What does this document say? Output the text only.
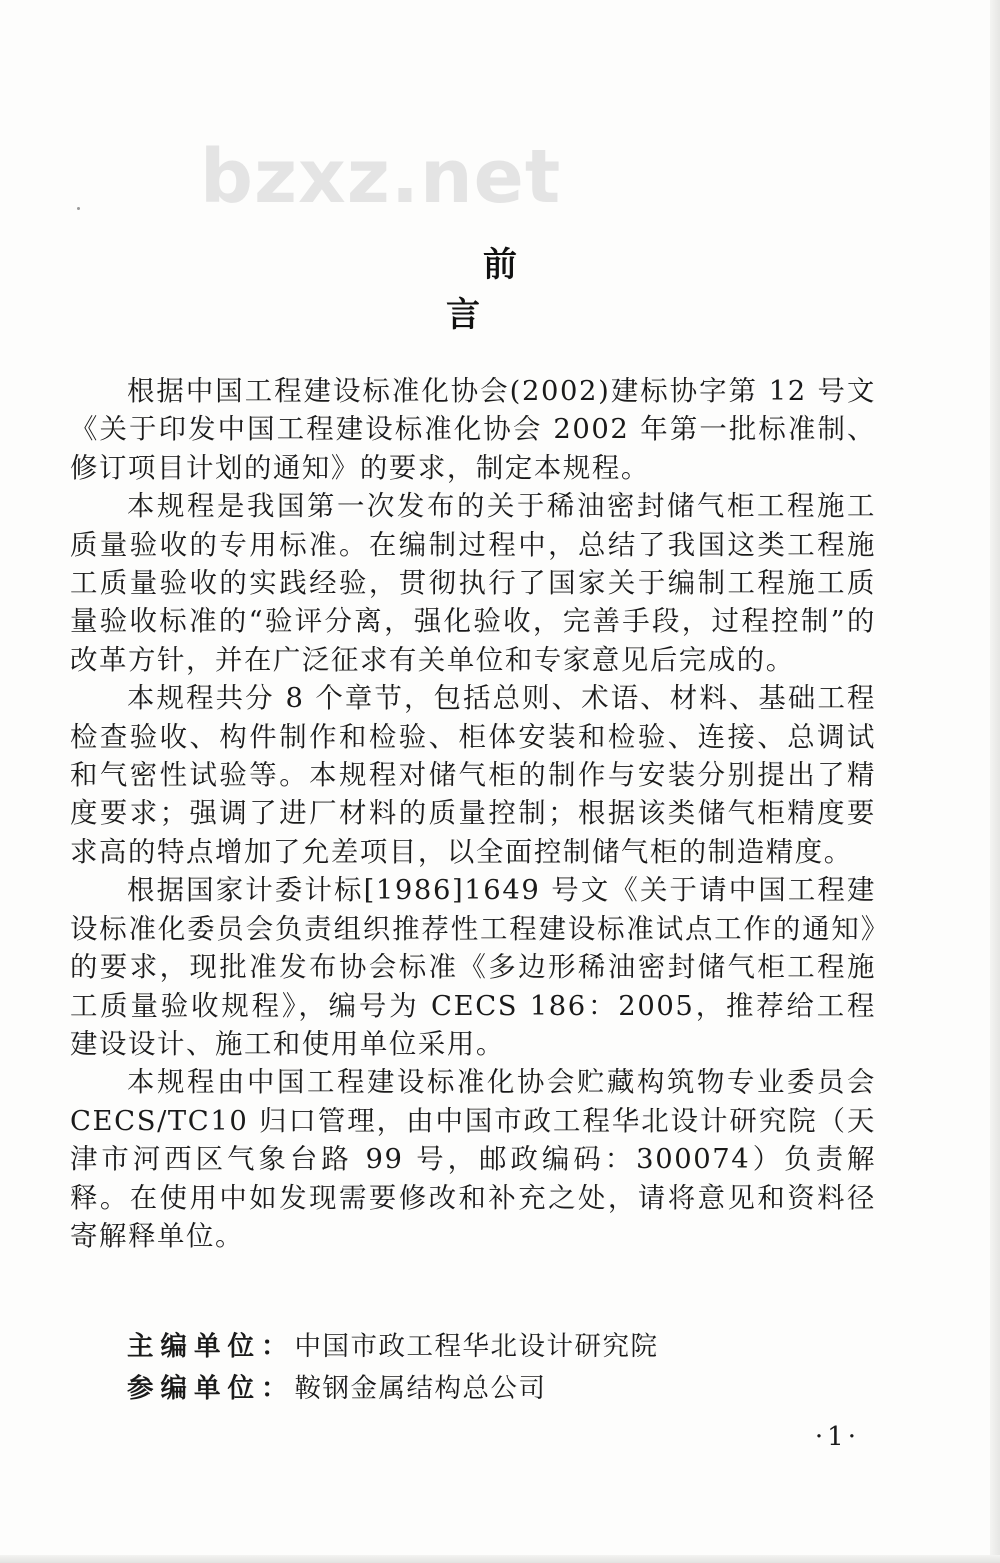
bzxz.net
前言

根据中国工程建设标准化协会(2002)建标协字第 12 号文《关于印发中国工程建设标准化协会 2002 年第一批标准制、修订项目计划的通知》的要求，制定本规程。

本规程是我国第一次发布的关于稀油密封储气柜工程施工质量验收的专用标准。在编制过程中，总结了我国这类工程施工质量验收的实践经验，贯彻执行了国家关于编制工程施工质量验收标准的“验评分离，强化验收，完善手段，过程控制”的改革方针，并在广泛征求有关单位和专家意见后完成的。

本规程共分 8 个章节，包括总则、术语、材料、基础工程检查验收、构件制作和检验、柜体安装和检验、连接、总调试和气密性试验等。本规程对储气柜的制作与安装分别提出了精度要求；强调了进厂材料的质量控制；根据该类储气柜精度要求高的特点增加了允差项目，以全面控制储气柜的制造精度。

根据国家计委计标[1986]1649 号文《关于请中国工程建设标准化委员会负责组织推荐性工程建设标准试点工作的通知》的要求，现批准发布协会标准《多边形稀油密封储气柜工程施工质量验收规程》，编号为 CECS 186：2005，推荐给工程建设设计、施工和使用单位采用。

本规程由中国工程建设标准化协会贮藏构筑物专业委员会 CECS/TC10 归口管理，由中国市政工程华北设计研究院（天津市河西区气象台路 99 号，邮政编码：300074）负责解释。在使用中如发现需要修改和补充之处，请将意见和资料径寄解释单位。

主编单位：中国市政工程华北设计研究院
参编单位：鞍钢金属结构总公司
·1·
